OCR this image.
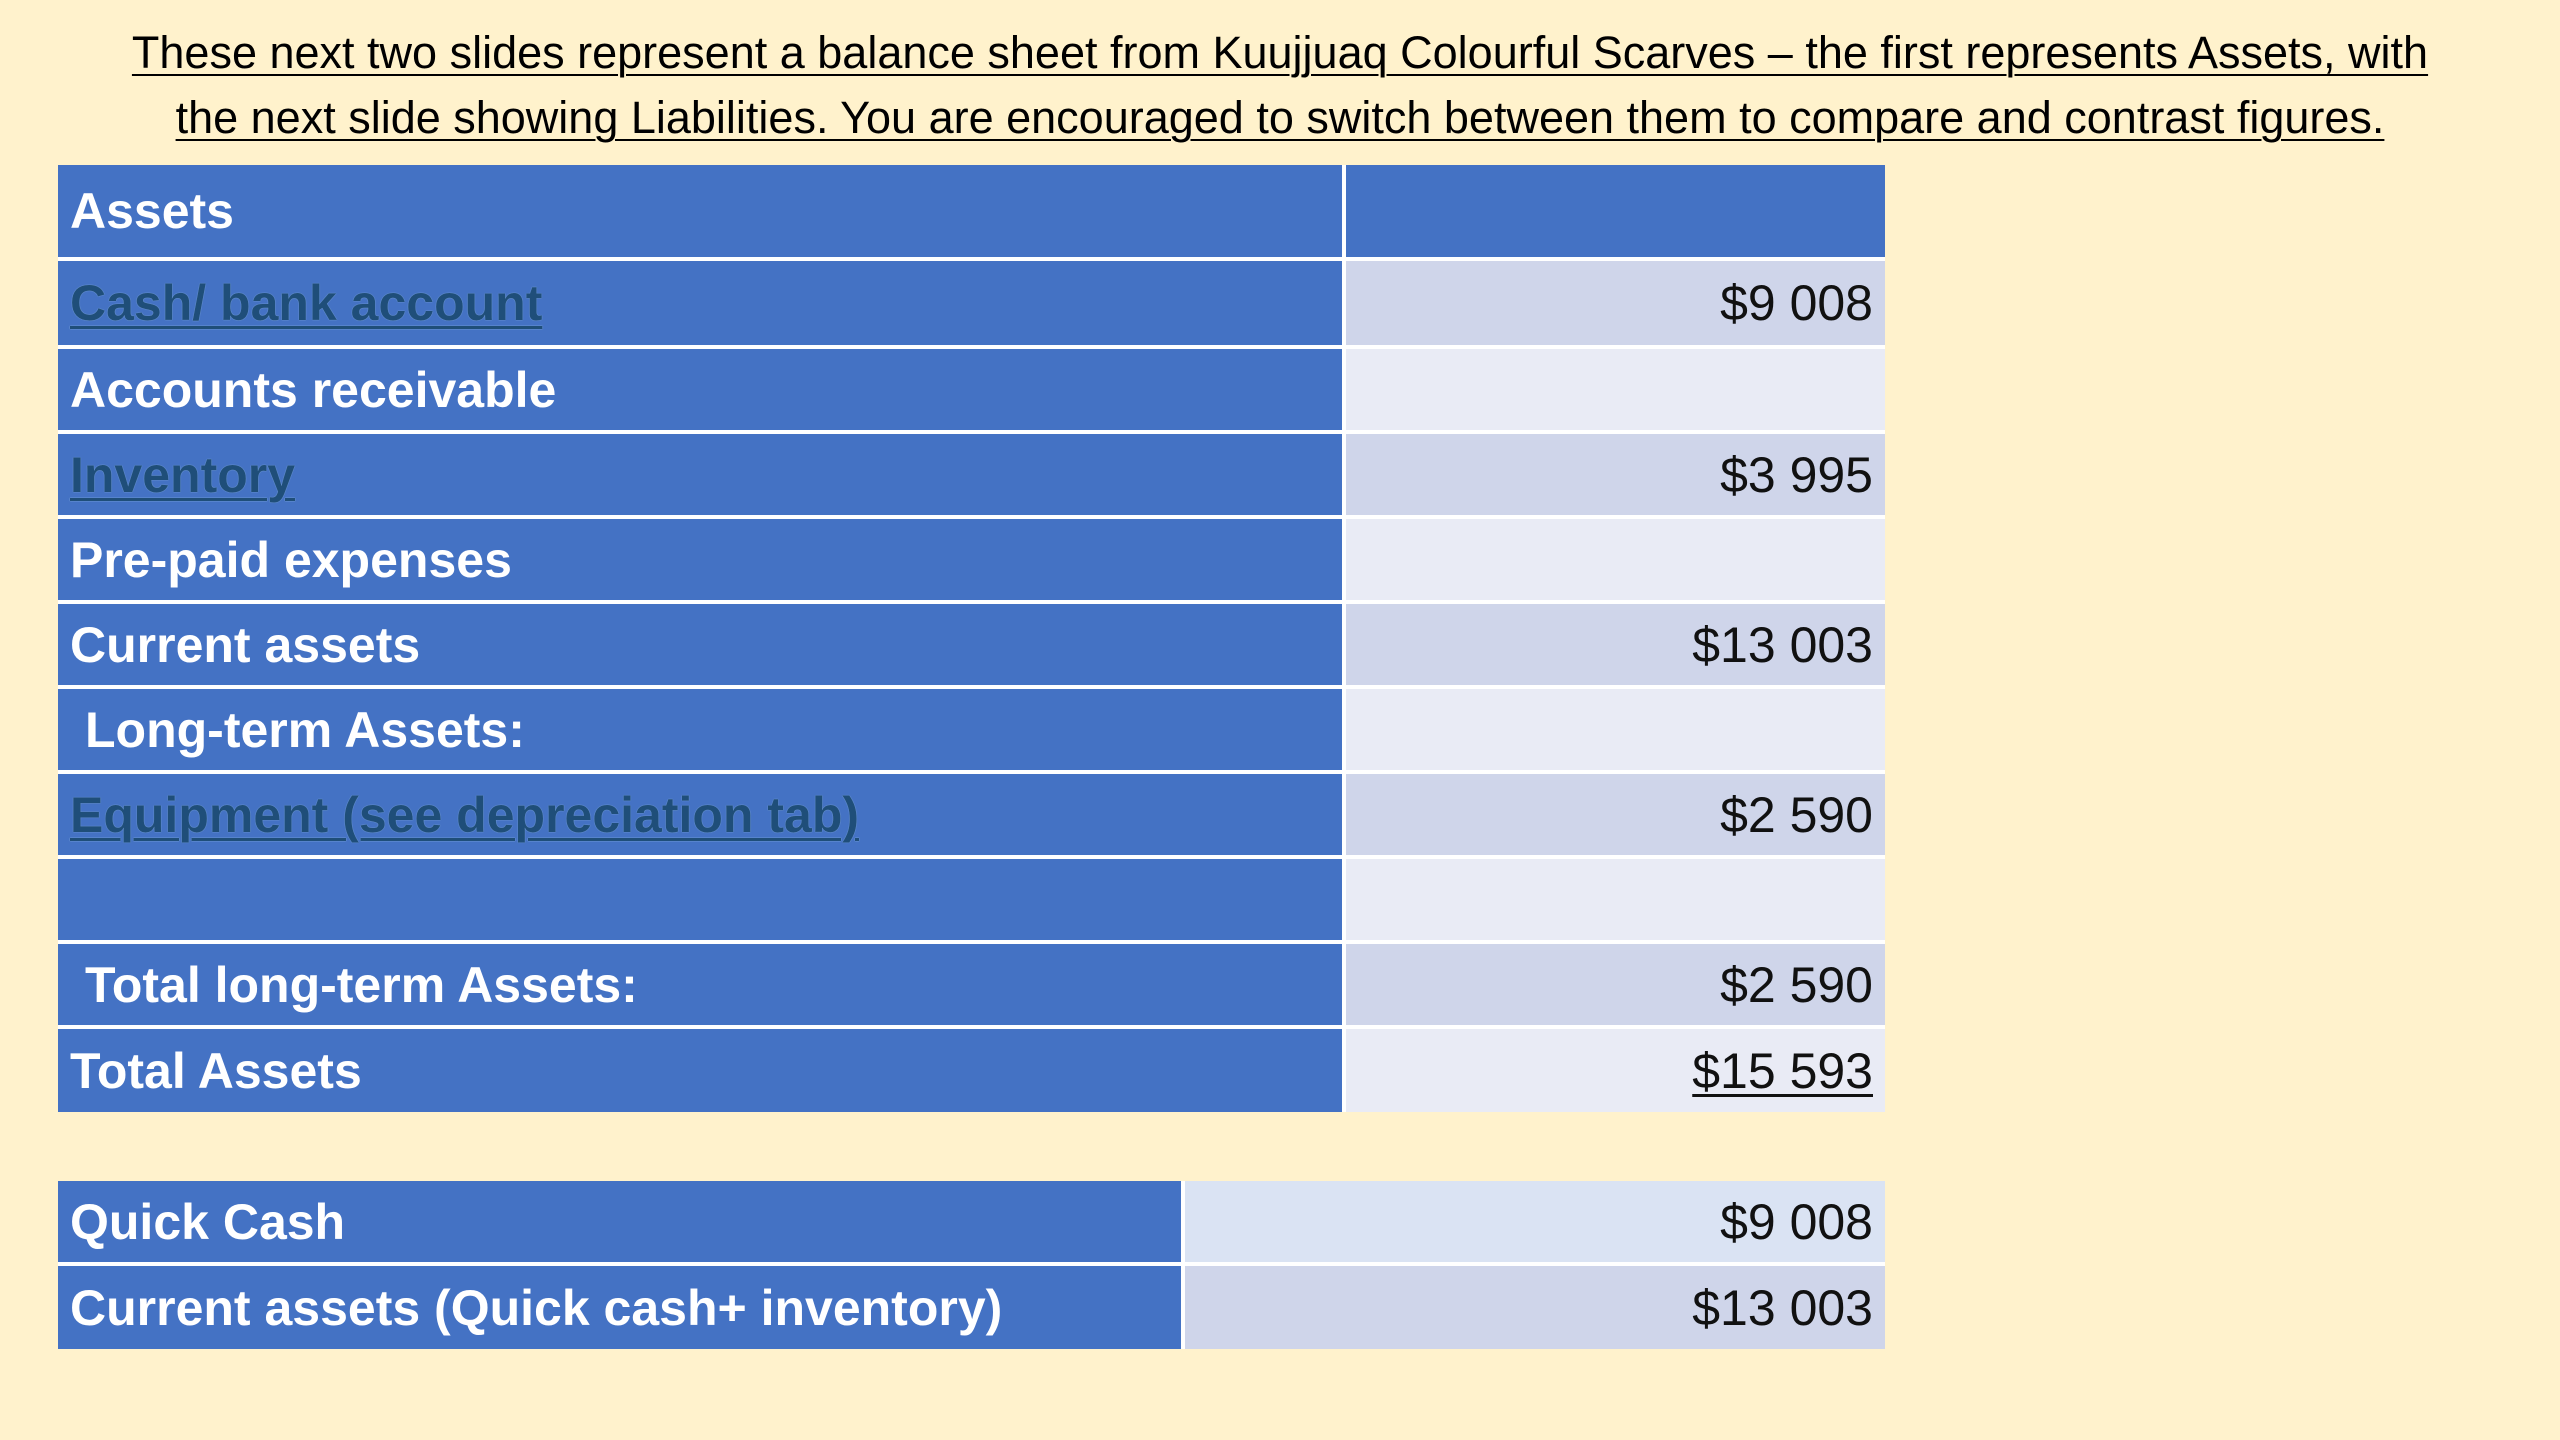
These next two slides represent a balance sheet from Kuujjuaq Colourful Scarves – the first represents Assets, with
the next slide showing Liabilities. You are encouraged to switch between them to compare and contrast figures.
Assets	
Cash/ bank account	$9 008
Accounts receivable	
Inventory	$3 995
Pre-paid expenses	
Current assets	$13 003
Long-term Assets:	
Equipment (see depreciation tab)	$2 590

Total long-term Assets:	$2 590
Total Assets	$15 593
Quick Cash	$9 008
Current assets (Quick cash+ inventory)	$13 003
